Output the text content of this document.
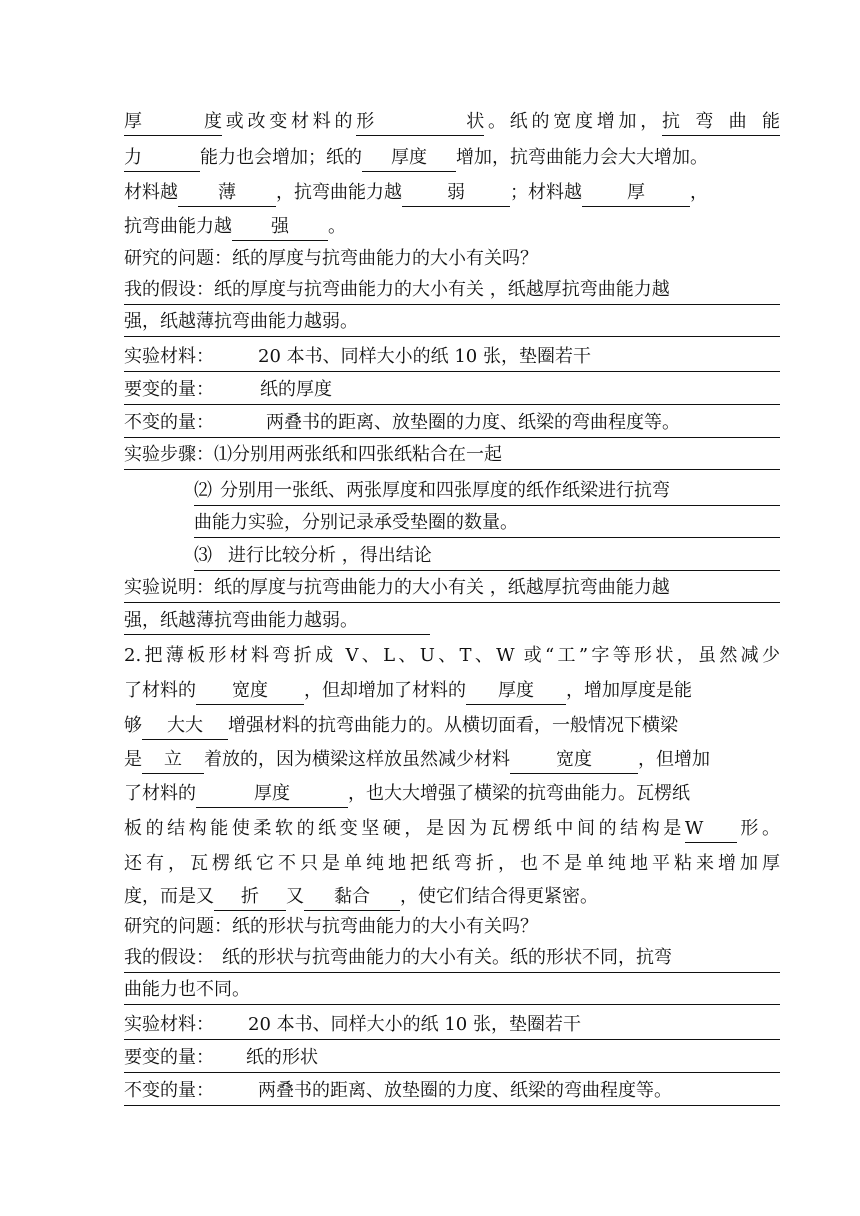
厚度或改变材料的形状。纸的宽度增加，抗弯曲能
力	能力也会增加；纸的 厚度 增加，抗弯曲能力会大大增加。
材料越 薄 ，抗弯曲能力越	弱	；材料越	厚	，
抗弯曲能力越 强 。
研究的问题：纸的厚度与抗弯曲能力的大小有关吗？
我的假设：纸的厚度与抗弯曲能力的大小有关 ，纸越厚抗弯曲能力越
强，纸越薄抗弯曲能力越弱。
实验材料： 20 本书、同样大小的纸 10 张，垫圈若干
要变的量：	纸的厚度
不变的量：	两叠书的距离、放垫圈的力度、纸梁的弯曲程度等。
实验步骤：⑴分别用两张纸和四张纸粘合在一起
⑵ 分别用一张纸、两张厚度和四张厚度的纸作纸梁进行抗弯
曲能力实验，分别记录承受垫圈的数量。
⑶ 进行比较分析 ，得出结论
实验说明：纸的厚度与抗弯曲能力的大小有关 ，纸越厚抗弯曲能力越
强，纸越薄抗弯曲能力越弱。
2.把薄板形材料弯折成 V、L、U、T、W 或“工”字等形状，虽然减少
了材料的 宽度 ，但却增加了材料的 厚度 ，增加厚度是能
够 大大 增强材料的抗弯曲能力的。从横切面看，一般情况下横梁
是 立 着放的，因为横梁这样放虽然减少材料	宽度	，但增加
了材料的	厚度	，也大大增强了横梁的抗弯曲能力。瓦楞纸
板的结构能使柔软的纸变坚硬，是因为瓦楞纸中间的结构是W 形。
还有，瓦楞纸它不只是单纯地把纸弯折，也不是单纯地平粘来增加厚
度，而是又 折 又 黏合 ，使它们结合得更紧密。
研究的问题：纸的形状与抗弯曲能力的大小有关吗？
我的假设： 纸的形状与抗弯曲能力的大小有关。纸的形状不同，抗弯
曲能力也不同。
实验材料： 20 本书、同样大小的纸 10 张，垫圈若干
要变的量： 纸的形状
不变的量： 两叠书的距离、放垫圈的力度、纸梁的弯曲程度等。
